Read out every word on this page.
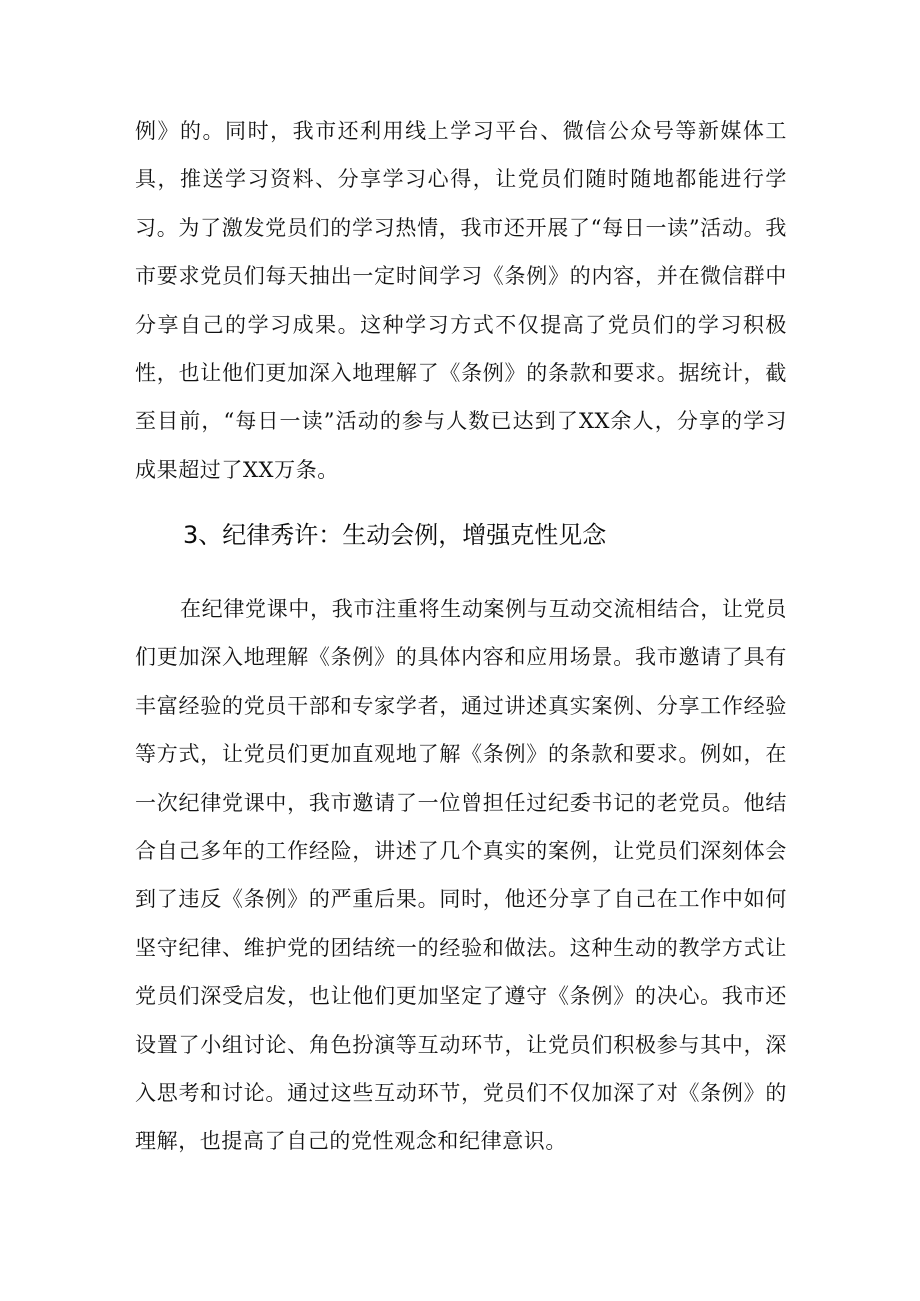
例》的。同时，我市还利用线上学习平台、微信公众号等新媒体工具，推送学习资料、分享学习心得，让党员们随时随地都能进行学习。为了激发党员们的学习热情，我市还开展了“每日一读”活动。我市要求党员们每天抽出一定时间学习《条例》的内容，并在微信群中分享自己的学习成果。这种学习方式不仅提高了党员们的学习积极性，也让他们更加深入地理解了《条例》的条款和要求。据统计，截至目前，“每日一读”活动的参与人数已达到了XX余人，分享的学习成果超过了XX万条。

3、纪律秀许：生动会例，增强克性见念

在纪律党课中，我市注重将生动案例与互动交流相结合，让党员们更加深入地理解《条例》的具体内容和应用场景。我市邀请了具有丰富经验的党员干部和专家学者，通过讲述真实案例、分享工作经验等方式，让党员们更加直观地了解《条例》的条款和要求。例如，在一次纪律党课中，我市邀请了一位曾担任过纪委书记的老党员。他结合自己多年的工作经险，讲述了几个真实的案例，让党员们深刻体会到了违反《条例》的严重后果。同时，他还分享了自己在工作中如何坚守纪律、维护党的团结统一的经验和做法。这种生动的教学方式让党员们深受启发，也让他们更加坚定了遵守《条例》的决心。我市还设置了小组讨论、角色扮演等互动环节，让党员们积极参与其中，深入思考和讨论。通过这些互动环节，党员们不仅加深了对《条例》的理解，也提高了自己的党性观念和纪律意识。
